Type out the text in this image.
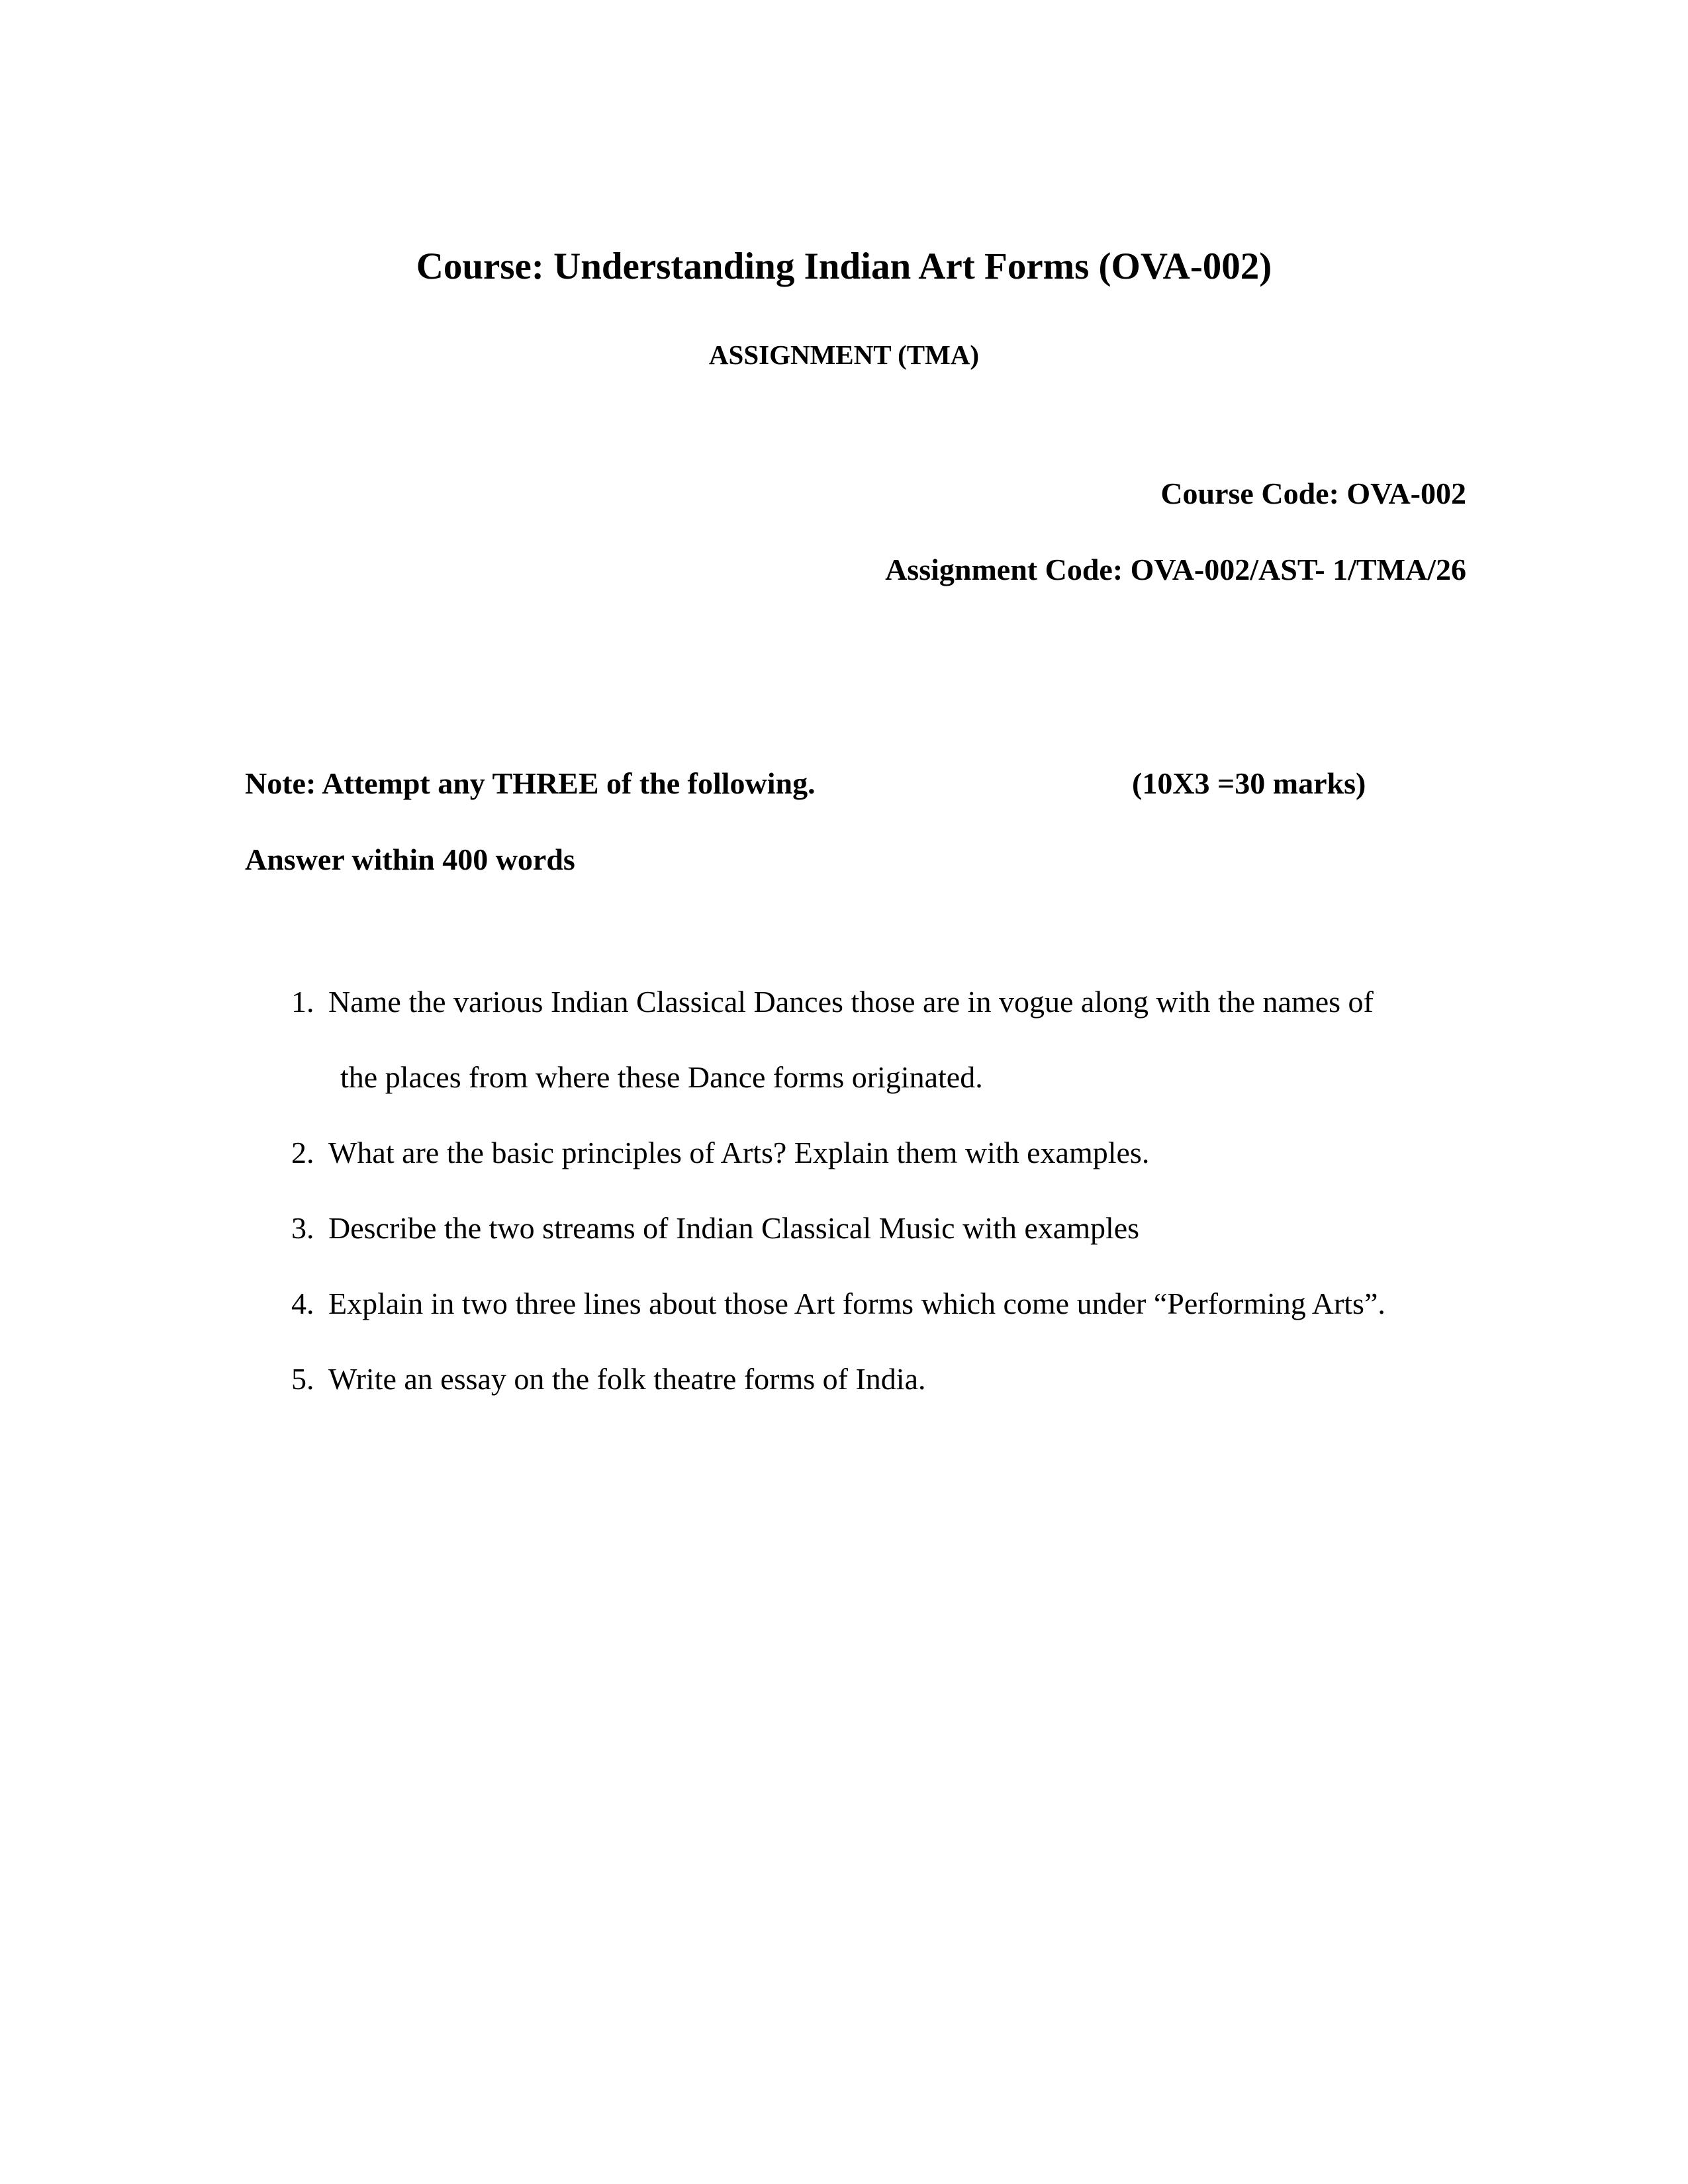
Course: Understanding Indian Art Forms (OVA-002)
ASSIGNMENT (TMA)
Course Code: OVA-002
Assignment Code: OVA-002/AST- 1/TMA/26
Note: Attempt any THREE of the following.	(10X3 =30 marks)
Answer within 400 words
1. Name the various Indian Classical Dances those are in vogue along with the names of
the places from where these Dance forms originated.
2. What are the basic principles of Arts? Explain them with examples.
3. Describe the two streams of Indian Classical Music with examples
4. Explain in two three lines about those Art forms which come under “Performing Arts”.
5. Write an essay on the folk theatre forms of India.
